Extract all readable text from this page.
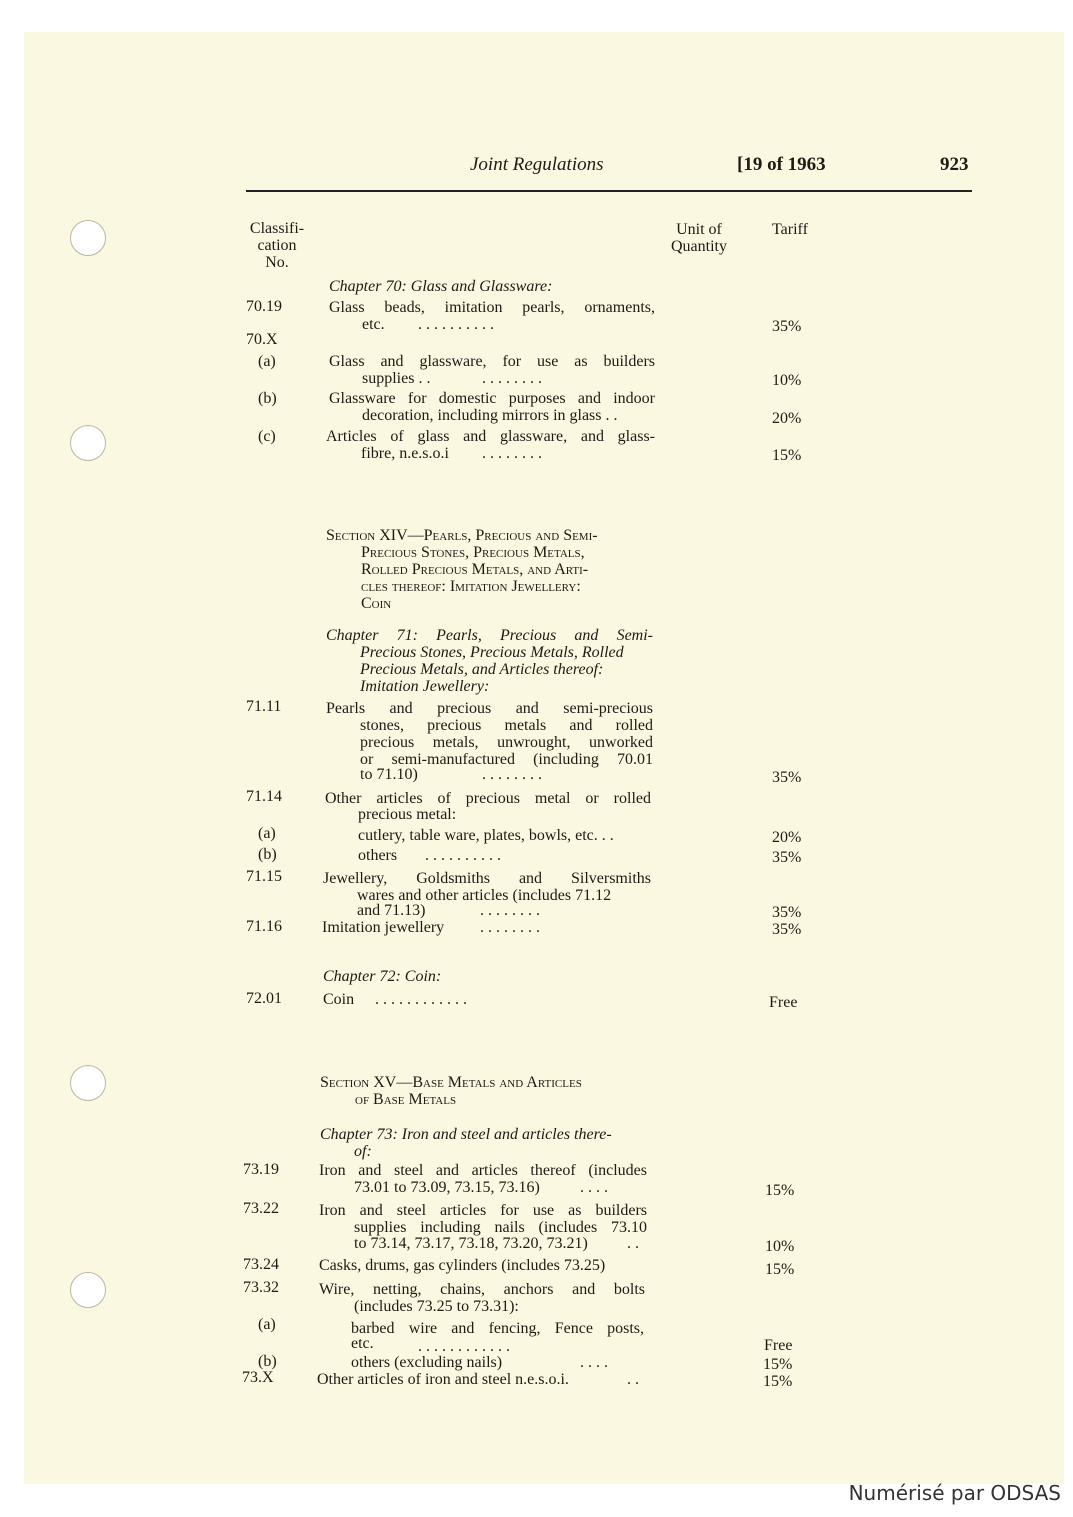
Joint Regulations	[19 of 1963	923
Classifi-
cation
No.
Unit of
Quantity
Tariff
Chapter 70: Glass and Glassware:
70.19	Glass beads, imitation pearls, ornaments,
etc. . . . . . . . . . .	35%
70.X
(a)	Glass and glassware, for use as builders
supplies . .	. . . . . . . .	10%
(b)	Glassware for domestic purposes and indoor
decoration, including mirrors in glass . .	20%
(c)	Articles of glass and glassware, and glass-
fibre, n.e.s.o.i . . . . . . . .	15%
Section XIV—Pearls, Precious and Semi-
Precious Stones, Precious Metals,
Rolled Precious Metals, and Arti-
cles thereof: Imitation Jewellery:
Coin
Chapter 71: Pearls, Precious and Semi-
Precious Stones, Precious Metals, Rolled
Precious Metals, and Articles thereof:
Imitation Jewellery:
71.11	Pearls and precious and semi-precious
stones, precious metals and rolled
precious metals, unwrought, unworked
or semi-manufactured (including 70.01
to 71.10)	. . . . . . . .	35%
71.14	Other articles of precious metal or rolled
precious metal:
(a)	cutlery, table ware, plates, bowls, etc. . .	20%
(b)	others . . . . . . . . . .	35%
71.15	Jewellery, Goldsmiths and Silversmiths
wares and other articles (includes 71.12
and 71.13)	. . . . . . . .	35%
71.16	Imitation jewellery . . . . . . . .	35%
Chapter 72: Coin:
72.01	Coin . . . . . . . . . . . .	Free
Section XV—Base Metals and Articles
of Base Metals
Chapter 73: Iron and steel and articles there-
of:
73.19	Iron and steel and articles thereof (includes
73.01 to 73.09, 73.15, 73.16)	. . . .	15%
73.22	Iron and steel articles for use as builders
supplies including nails (includes 73.10
to 73.14, 73.17, 73.18, 73.20, 73.21) . .	10%
73.24	Casks, drums, gas cylinders (includes 73.25)	15%
73.32	Wire, netting, chains, anchors and bolts
(includes 73.25 to 73.31):
(a)	barbed wire and fencing, Fence posts,
etc.	. . . . . . . . . . . .	Free
(b)	others (excluding nails)	. . . .	15%
73.X	Other articles of iron and steel n.e.s.o.i.	. .	15%
Numérisé par ODSAS
